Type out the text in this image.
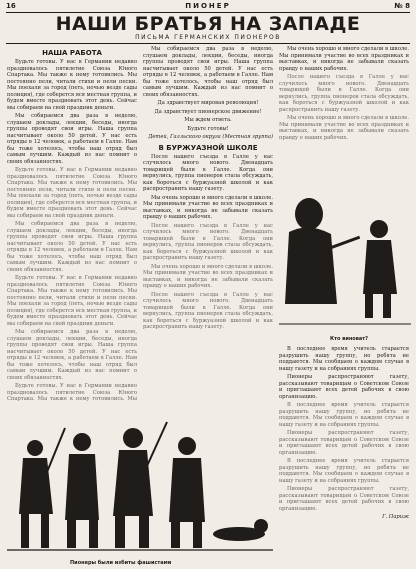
16	ПИОНЕР	№ 8
НАШИ БРАТЬЯ НА ЗАПАДЕ
ПИСЬМА ГЕРМАНСКИХ ПИОНЕРОВ

НАША РАБОТА

Будьте готовы. У нас в Германии недавно праздновалось пятилетие Союза Юного Спартака. Мы также к нему готовились. Мы постоянно пели, читали стихи и пели песни. Мы поехали за город (петь, ночью везде сады полиция), где соберется вся местная группа, и будем вместе праздновать этот день. Сейчас мы собираем на свой праздник деньги.

Мы собираемся два раза в неделю, слушаем доклады, лекции, беседы, иногда группы проводят свои игры. Наша группа насчитывает около 50 детей. У нас есть отряды в 12 человек, а работаем в Галле. Нам бы тоже хотелось, чтобы наш отряд был самым лучшим. Каждый из нас помнит о своих обязанностях.

Будьте готовы. У нас в Германии недавно праздновалось пятилетие Союза Юного Спартака. Мы также к нему готовились. Мы постоянно пели, читали стихи и пели песни. Мы поехали за город (петь, ночью везде сады полиция), где соберется вся местная группа, и будем вместе праздновать этот день. Сейчас мы собираем на свой праздник деньги.

Мы собираемся два раза в неделю, слушаем доклады, лекции, беседы, иногда группы проводят свои игры. Наша группа насчитывает около 50 детей. У нас есть отряды в 12 человек, а работаем в Галле. Нам бы тоже хотелось, чтобы наш отряд был самым лучшим. Каждый из нас помнит о своих обязанностях.

Будьте готовы. У нас в Германии недавно праздновалось пятилетие Союза Юного Спартака. Мы также к нему готовились. Мы постоянно пели, читали стихи и пели песни. Мы поехали за город (петь, ночью везде сады полиция), где соберется вся местная группа, и будем вместе праздновать этот день. Сейчас мы собираем на свой праздник деньги.

Мы собираемся два раза в неделю, слушаем доклады, лекции, беседы, иногда группы проводят свои игры. Наша группа насчитывает около 50 детей. У нас есть отряды в 12 человек, а работаем в Галле. Нам бы тоже хотелось, чтобы наш отряд был самым лучшим. Каждый из нас помнит о своих обязанностях.

Будьте готовы. У нас в Германии недавно праздновалось пятилетие Союза Юного Спартака. Мы также к нему готовились. Мы

Мы собираемся два раза в неделю, слушаем доклады, лекции, беседы, иногда группы проводят свои игры. Наша группа насчитывает около 50 детей. У нас есть отряды в 12 человек, а работаем в Галле. Нам бы тоже хотелось, чтобы наш отряд был самым лучшим. Каждый из нас помнит о своих обязанностях.

Да здравствует мировая революция!

Да здравствует пионерское движение!

Мы ждем ответа.

Будьте готовы!

Детей, Галльского округа (Местная группа)

В БУРЖУАЗНОЙ ШКОЛЕ

После нашего съезда в Галле у нас случилось много нового. Двенадцать товарищей были в Галле. Когда они вернулись, группа пионеров стала обсуждать, как бороться с буржуазной школой и как распространить нашу газету.

Мы очень хорошо и много сделали в школе. Мы принимали участие во всех праздниках и выставках, и никогда не забывали сказать правду о наших рабочих.

После нашего съезда в Галле у нас случилось много нового. Двенадцать товарищей были в Галле. Когда они вернулись, группа пионеров стала обсуждать, как бороться с буржуазной школой и как распространить нашу газету.

Мы очень хорошо и много сделали в школе. Мы принимали участие во всех праздниках и выставках, и никогда не забывали сказать правду о наших рабочих.

После нашего съезда в Галле у нас случилось много нового. Двенадцать товарищей были в Галле. Когда они вернулись, группа пионеров стала обсуждать, как бороться с буржуазной школой и как распространить нашу газету.

Мы очень хорошо и много сделали в школе. Мы принимали участие во всех праздниках и выставках, и никогда не забывали сказать правду о наших рабочих.

После нашего съезда в Галле у нас случилось много нового. Двенадцать товарищей были в Галле. Когда они вернулись, группа пионеров стала обсуждать, как бороться с буржуазной школой и как распространить нашу газету.

Мы очень хорошо и много сделали в школе. Мы принимали участие во всех праздниках и выставках, и никогда не забывали сказать правду о наших рабочих.

Кто виноват?

В последнее время учитель старается разрушить нашу группу, но ребята не поддаются. Мы сообщаем о каждом случае в нашу газету и на собраниях группы.

Пионеры распространяют газету, рассказывают товарищам о Советском Союзе и приглашают всех детей рабочих в свою организацию.

В последнее время учитель старается разрушить нашу группу, но ребята не поддаются. Мы сообщаем о каждом случае в нашу газету и на собраниях группы.

Пионеры распространяют газету, рассказывают товарищам о Советском Союзе и приглашают всех детей рабочих в свою организацию.

В последнее время учитель старается разрушить нашу группу, но ребята не поддаются. Мы сообщаем о каждом случае в нашу газету и на собраниях группы.

Пионеры распространяют газету, рассказывают товарищам о Советском Союзе и приглашают всех детей рабочих в свою организацию.

Г. Париж

Пионеры были избиты фашистами
